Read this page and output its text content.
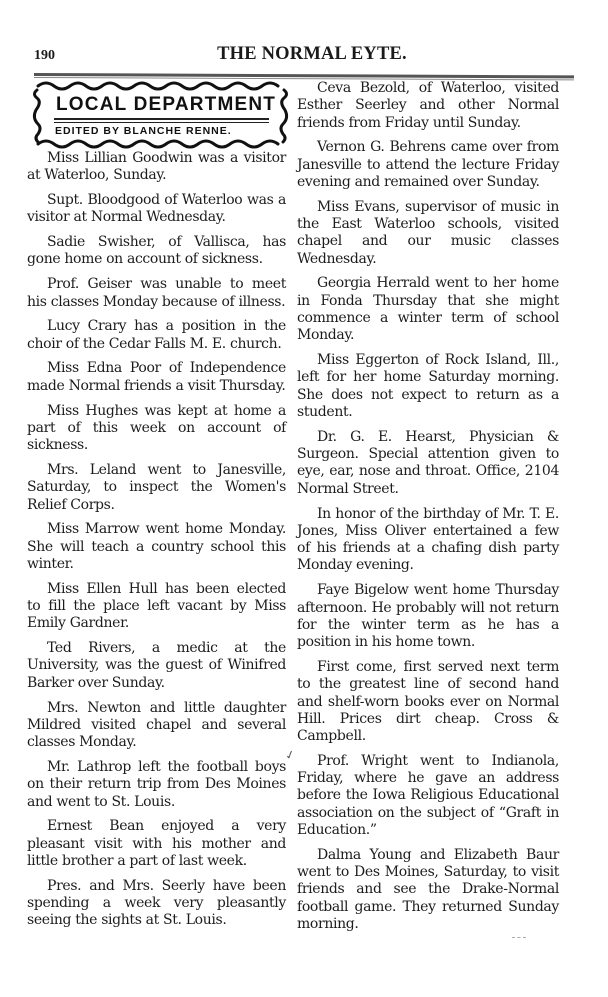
190	THE NORMAL EYTE.
LOCAL DEPARTMENT
EDITED BY BLANCHE RENNE.

Miss Lillian Goodwin was a visitor at Waterloo, Sunday.

Supt. Bloodgood of Waterloo was a visitor at Normal Wednesday.

Sadie Swisher, of Vallisca, has gone home on account of sickness.

Prof. Geiser was unable to meet his classes Monday because of illness.

Lucy Crary has a position in the choir of the Cedar Falls M. E. church.

Miss Edna Poor of Independence made Normal friends a visit Thursday.

Miss Hughes was kept at home a part of this week on account of sickness.

Mrs. Leland went to Janesville, Saturday, to inspect the Women's Relief Corps.

Miss Marrow went home Monday. She will teach a country school this winter.

Miss Ellen Hull has been elected to fill the place left vacant by Miss Emily Gardner.

Ted Rivers, a medic at the University, was the guest of Winifred Barker over Sunday.

Mrs. Newton and little daughter Mildred visited chapel and several classes Monday.

Mr. Lathrop left the football boys on their return trip from Des Moines and went to St. Louis.

Ernest Bean enjoyed a very pleasant visit with his mother and little brother a part of last week.

Pres. and Mrs. Seerly have been spending a week very pleasantly seeing the sights at St. Louis.

Ceva Bezold, of Waterloo, visited Esther Seerley and other Normal friends from Friday until Sunday.

Vernon G. Behrens came over from Janesville to attend the lecture Friday evening and remained over Sunday.

Miss Evans, supervisor of music in the East Waterloo schools, visited chapel and our music classes Wednesday.

Georgia Herrald went to her home in Fonda Thursday that she might commence a winter term of school Monday.

Miss Eggerton of Rock Island, Ill., left for her home Saturday morning. She does not expect to return as a student.

Dr. G. E. Hearst, Physician & Surgeon. Special attention given to eye, ear, nose and throat. Office, 2104 Normal Street.

In honor of the birthday of Mr. T. E. Jones, Miss Oliver entertained a few of his friends at a chafing dish party Monday evening.

Faye Bigelow went home Thursday afternoon. He probably will not return for the winter term as he has a position in his home town.

First come, first served next term to the greatest line of second hand and shelf-worn books ever on Normal Hill. Prices dirt cheap. Cross & Campbell.

Prof. Wright went to Indianola, Friday, where he gave an address before the Iowa Religious Educational association on the subject of “Graft in Education.”

Dalma Young and Elizabeth Baur went to Des Moines, Saturday, to visit friends and see the Drake-Normal football game. They returned Sunday morning.

✓
